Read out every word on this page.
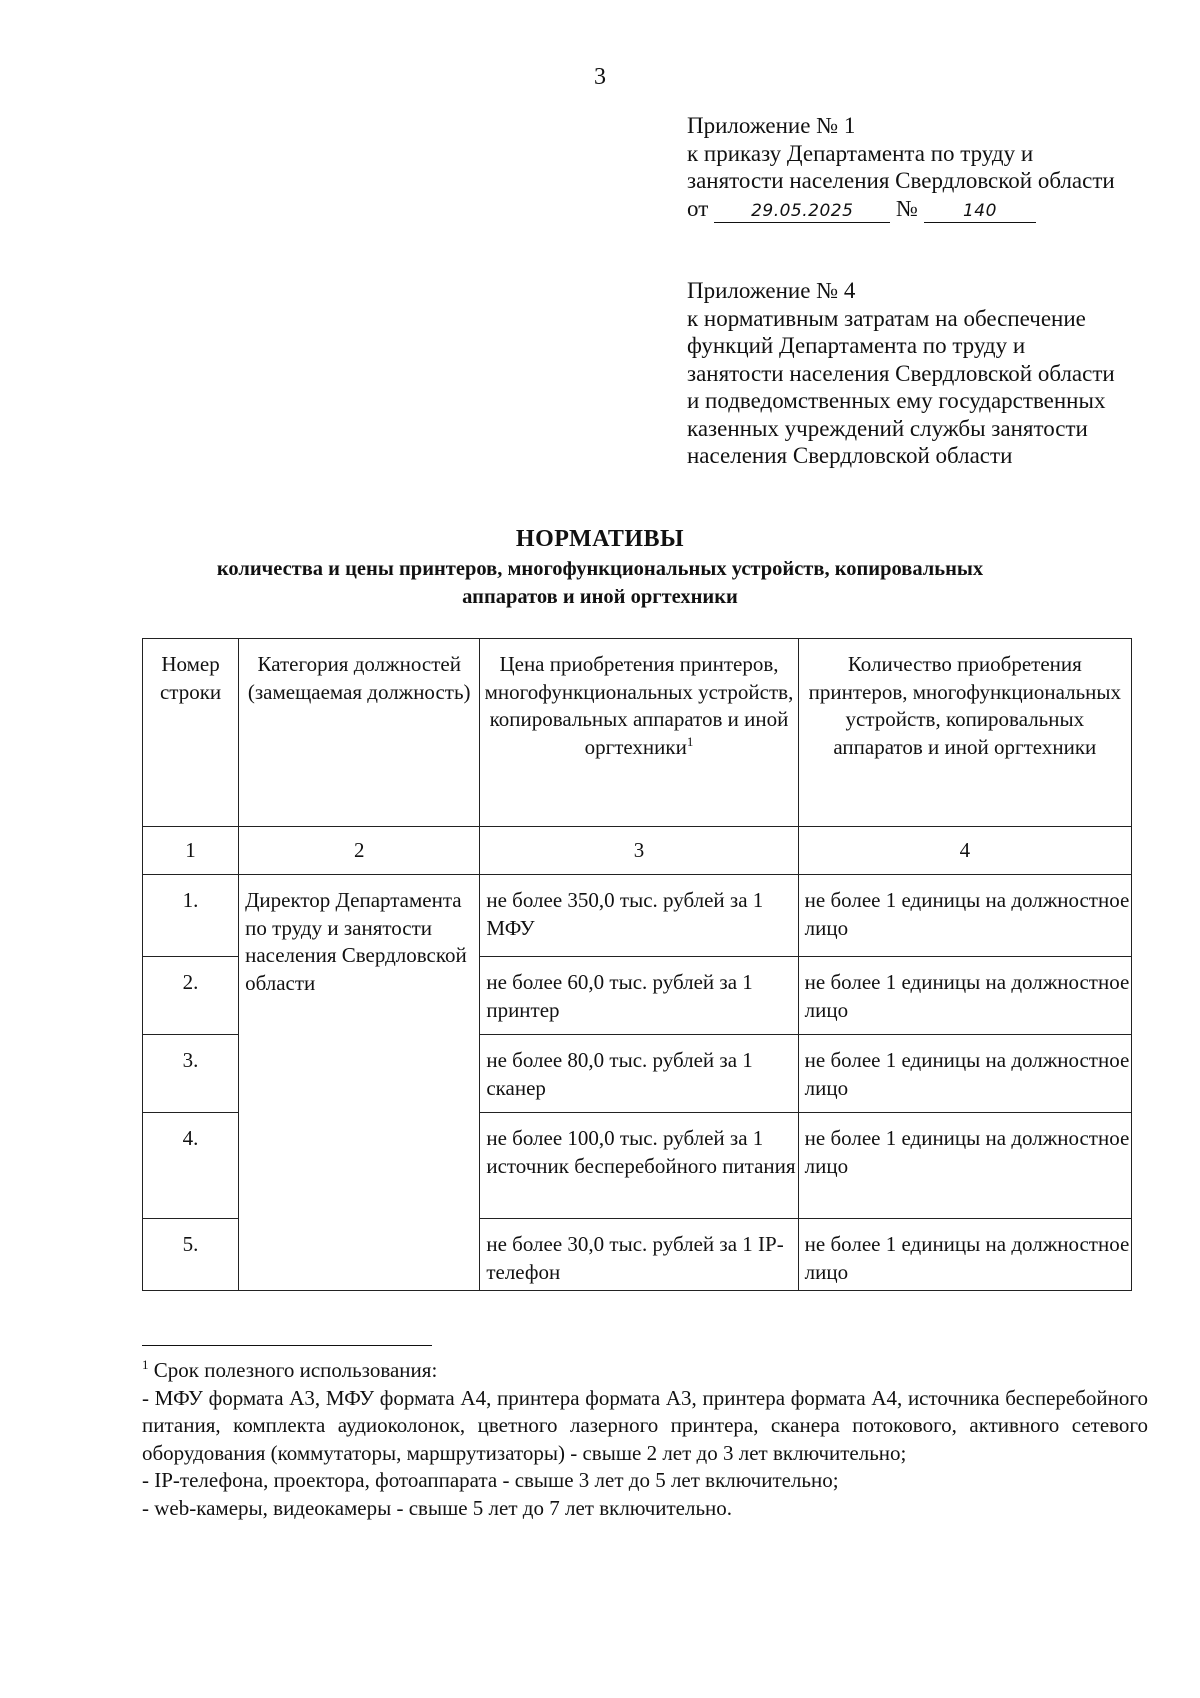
3
Приложение № 1
к приказу Департамента по труду и
занятости населения Свердловской области
от	29.05.2025 №	140
Приложение № 4
к нормативным затратам на обеспечение
функций Департамента по труду и
занятости населения Свердловской области
и подведомственных ему государственных
казенных учреждений службы занятости
населения Свердловской области
НОРМАТИВЫ
количества и цены принтеров, многофункциональных устройств, копировальных
аппаратов и иной оргтехники
Номер строки	Категория должностей (замещаемая должность)	Цена приобретения принтеров, многофункциональных устройств, копировальных аппаратов и иной оргтехники$^1$	Количество приобретения принтеров, многофункциональных устройств, копировальных аппаратов и иной оргтехники
1	2	3	4
1.	Директор Департамента по труду и занятости населения Свердловской области	не более 350,0 тыс. рублей за 1 МФУ	не более 1 единицы на должностное лицо
2.		не более 60,0 тыс. рублей за 1 принтер	не более 1 единицы на должностное лицо
3.		не более 80,0 тыс. рублей за 1 сканер	не более 1 единицы на должностное лицо
4.		не более 100,0 тыс. рублей за 1 источник бесперебойного питания	не более 1 единицы на должностное лицо
5.		не более 30,0 тыс. рублей за 1 IP-телефон	не более 1 единицы на должностное лицо

$^1$ Срок полезного использования:

- МФУ формата А3, МФУ формата А4, принтера формата А3, принтера формата А4, источника бесперебойного питания, комплекта аудиоколонок, цветного лазерного принтера, сканера потокового, активного сетевого оборудования (коммутаторы, маршрутизаторы) - свыше 2 лет до 3 лет включительно;

- IP-телефона, проектора, фотоаппарата - свыше 3 лет до 5 лет включительно;

- web-камеры, видеокамеры - свыше 5 лет до 7 лет включительно.
